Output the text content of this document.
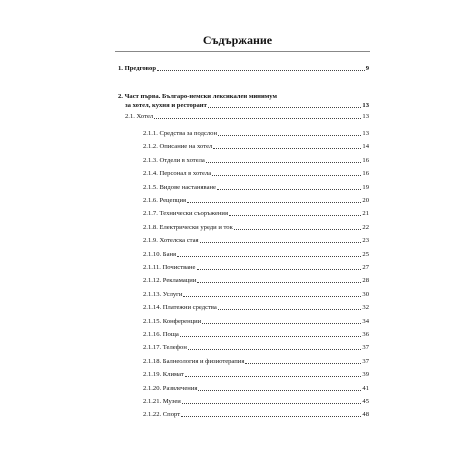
Съдържание
1. Предговор	9
2. Част първа. Българо-немски лексикален минимум
за хотел, кухня и ресторант	13
2.1. Хотел	13
2.1.1. Средства за подслон	13
2.1.2. Описание на хотел	14
2.1.3. Отдели в хотела	16
2.1.4. Персонал в хотела	16
2.1.5. Видове настаняване	19
2.1.6. Рецепция	20
2.1.7. Технически съоръжения	21
2.1.8. Електрически уреди и ток	22
2.1.9. Хотелска стая	23
2.1.10. Баня	25
2.1.11. Почистване	27
2.1.12. Рекламации	28
2.1.13. Услуги	30
2.1.14. Платежни средства	32
2.1.15. Конференции	34
2.1.16. Поща	36
2.1.17. Телефон	37
2.1.18. Балнеология и физиотерапия	37
2.1.19. Климат	39
2.1.20. Развлечения	41
2.1.21. Музеи	45
2.1.22. Спорт	48
